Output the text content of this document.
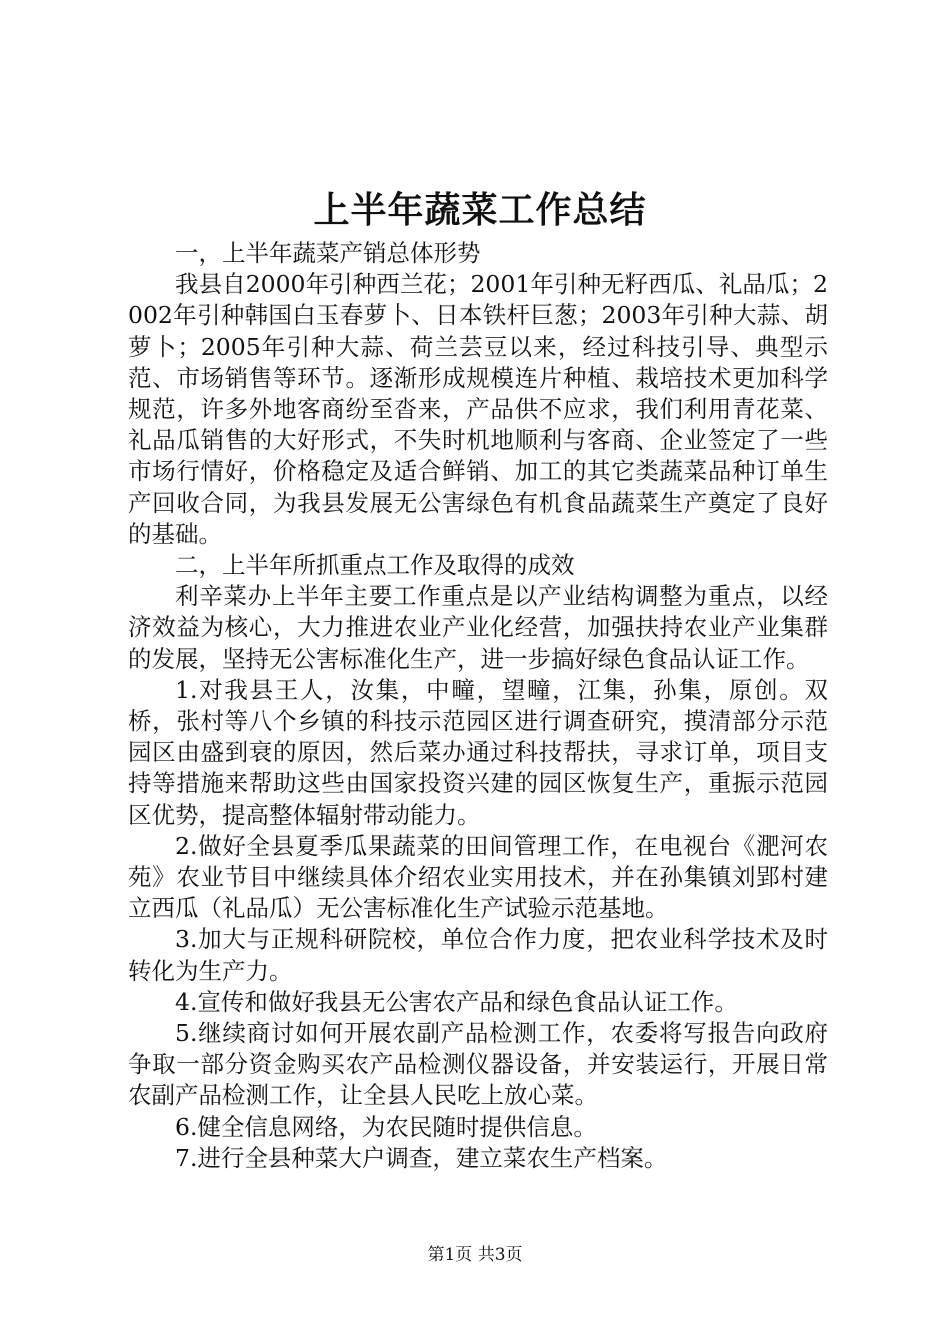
上半年蔬菜工作总结

一，上半年蔬菜产销总体形势

我县自2000年引种西兰花；2001年引种无籽西瓜、礼品瓜；2002年引种韩国白玉春萝卜、日本铁杆巨葱；2003年引种大蒜、胡萝卜；2005年引种大蒜、荷兰芸豆以来，经过科技引导、典型示范、市场销售等环节。逐渐形成规模连片种植、栽培技术更加科学规范，许多外地客商纷至沓来，产品供不应求，我们利用青花菜、礼品瓜销售的大好形式，不失时机地顺利与客商、企业签定了一些市场行情好，价格稳定及适合鲜销、加工的其它类蔬菜品种订单生产回收合同，为我县发展无公害绿色有机食品蔬菜生产奠定了良好的基础。

二，上半年所抓重点工作及取得的成效

利辛菜办上半年主要工作重点是以产业结构调整为重点，以经济效益为核心，大力推进农业产业化经营，加强扶持农业产业集群的发展，坚持无公害标准化生产，进一步搞好绿色食品认证工作。

1.对我县王人，汝集，中疃，望疃，江集，孙集，原创。双桥，张村等八个乡镇的科技示范园区进行调查研究，摸清部分示范园区由盛到衰的原因，然后菜办通过科技帮扶，寻求订单，项目支持等措施来帮助这些由国家投资兴建的园区恢复生产，重振示范园区优势，提高整体辐射带动能力。

2.做好全县夏季瓜果蔬菜的田间管理工作，在电视台《淝河农苑》农业节目中继续具体介绍农业实用技术，并在孙集镇刘郢村建立西瓜（礼品瓜）无公害标准化生产试验示范基地。

3.加大与正规科研院校，单位合作力度，把农业科学技术及时转化为生产力。

4.宣传和做好我县无公害农产品和绿色食品认证工作。

5.继续商讨如何开展农副产品检测工作，农委将写报告向政府争取一部分资金购买农产品检测仪器设备，并安装运行，开展日常农副产品检测工作，让全县人民吃上放心菜。

6.健全信息网络，为农民随时提供信息。

7.进行全县种菜大户调查，建立菜农生产档案。

第1页 共3页
